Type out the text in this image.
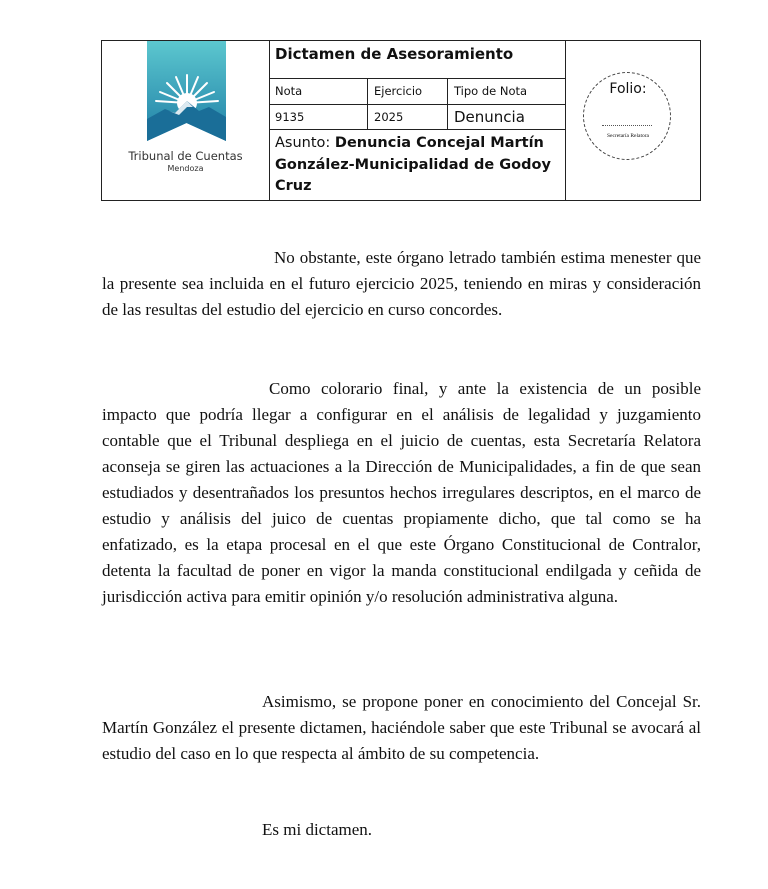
Tribunal de Cuentas
Mendoza
Dictamen de Asesoramiento
Nota	Ejercicio	Tipo de Nota
9135	2025	Denuncia
Asunto: Denuncia Concejal Martín González-Municipalidad de Godoy Cruz
Folio:
Secretaría Relatora

No obstante, este órgano letrado también estima menester que la presente sea incluida en el futuro ejercicio 2025, teniendo en miras y consideración de las resultas del estudio del ejercicio en curso concordes.

Como colorario final, y ante la existencia de un posible impacto que podría llegar a configurar en el análisis de legalidad y juzgamiento contable que el Tribunal despliega en el juicio de cuentas, esta Secretaría Relatora aconseja se giren las actuaciones a la Dirección de Municipalidades, a fin de que sean estudiados y desentrañados los presuntos hechos irregulares descriptos, en el marco de estudio y análisis del juico de cuentas propiamente dicho, que tal como se ha enfatizado, es la etapa procesal en el que este Órgano Constitucional de Contralor, detenta la facultad de poner en vigor la manda constitucional endilgada y ceñida de jurisdicción activa para emitir opinión y/o resolución administrativa alguna.

Asimismo, se propone poner en conocimiento del Concejal Sr. Martín González el presente dictamen, haciéndole saber que este Tribunal se avocará al estudio del caso en lo que respecta al ámbito de su competencia.

Es mi dictamen.
